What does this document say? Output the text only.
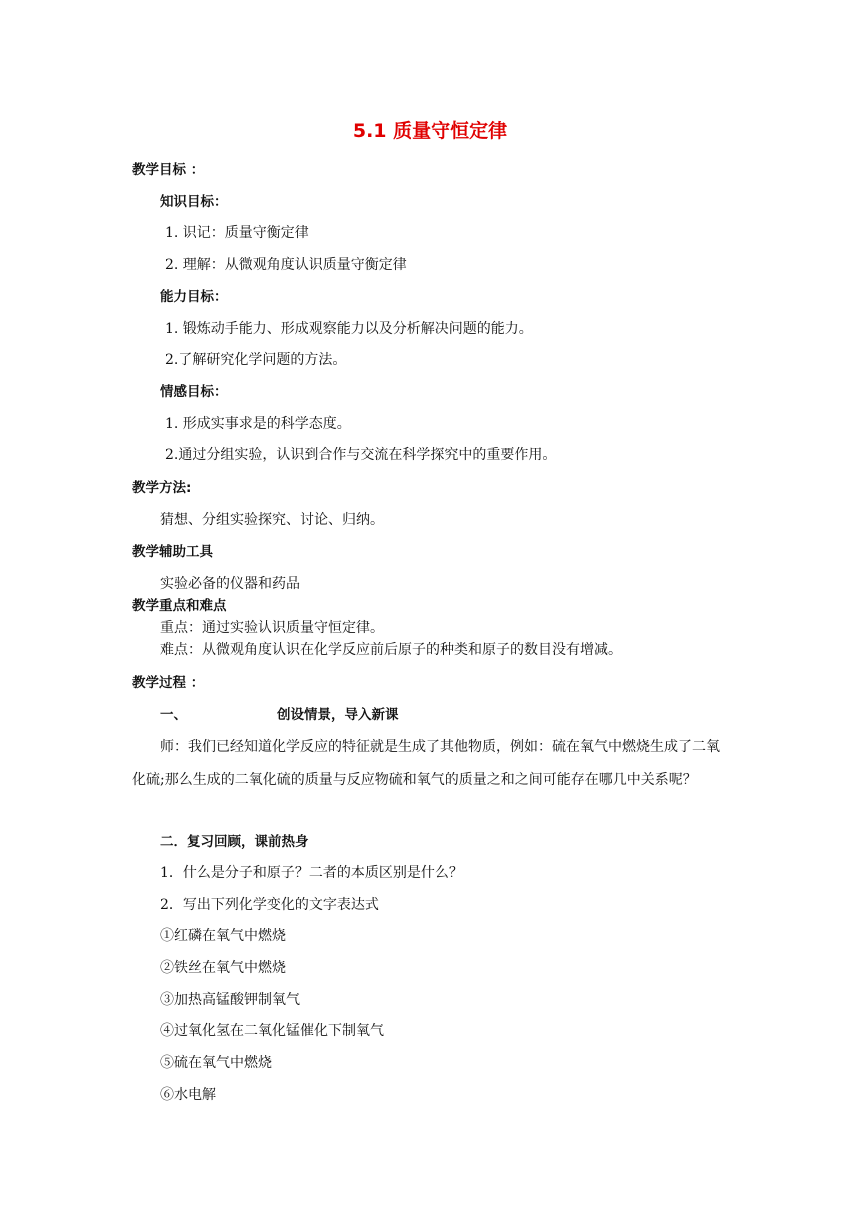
5.1 质量守恒定律
教学目标 ：
知识目标：
1. 识记：质量守衡定律
2. 理解：从微观角度认识质量守衡定律
能力目标：
1. 锻炼动手能力、形成观察能力以及分析解决问题的能力。
2.了解研究化学问题的方法。
情感目标：
1. 形成实事求是的科学态度。
2.通过分组实验，认识到合作与交流在科学探究中的重要作用。
教学方法:
猜想、分组实验探究、讨论、归纳。
教学辅助工具
实验必备的仪器和药品
教学重点和难点
重点：通过实验认识质量守恒定律。
难点：从微观角度认识在化学反应前后原子的种类和原子的数目没有增减。
教学过程 ：
一、	创设情景，导入新课
师：我们已经知道化学反应的特征就是生成了其他物质，例如：硫在氧气中燃烧生成了二氧化硫;那么生成的二氧化硫的质量与反应物硫和氧气的质量之和之间可能存在哪几中关系呢？
二．复习回顾，课前热身
1．什么是分子和原子？二者的本质区别是什么？
2．写出下列化学变化的文字表达式
①红磷在氧气中燃烧
②铁丝在氧气中燃烧
③加热高锰酸钾制氧气
④过氧化氢在二氧化锰催化下制氧气
⑤硫在氧气中燃烧
⑥水电解
